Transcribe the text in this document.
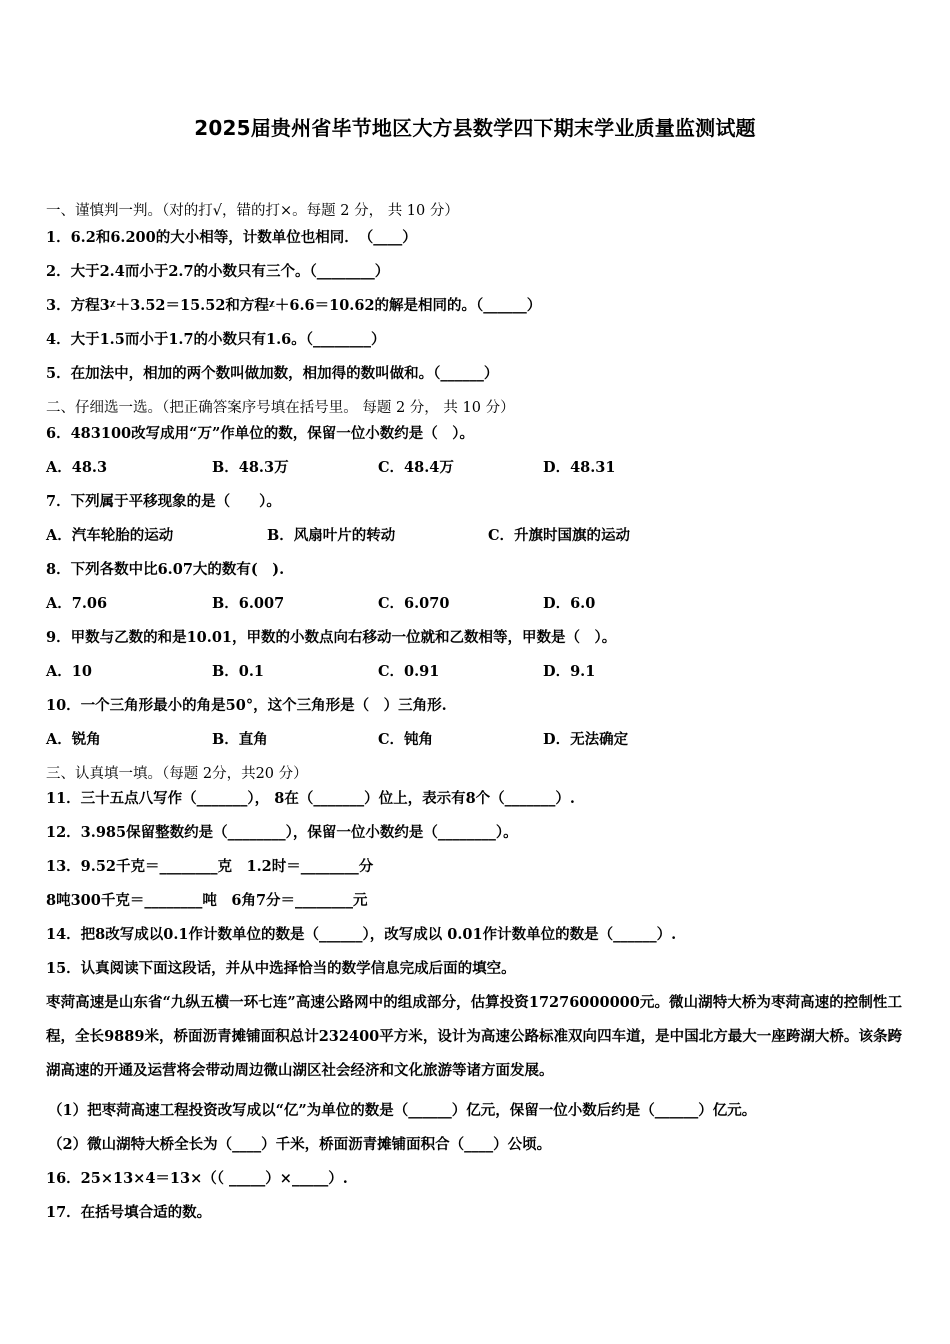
2025届贵州省毕节地区大方县数学四下期末学业质量监测试题
一、谨慎判一判。（对的打√，错的打×。每题 2 分， 共 10 分）
1．6.2和6.200的大小相等，计数单位也相同．　（____）
2．大于2.4而小于2.7的小数只有三个。（________）
3．方程3ᵡ＋3.52＝15.52和方程ᵡ＋6.6＝10.62的解是相同的。（______）
4．大于1.5而小于1.7的小数只有1.6。（________）
5．在加法中，相加的两个数叫做加数，相加得的数叫做和。（______）
二、仔细选一选。（把正确答案序号填在括号里。 每题 2 分， 共 10 分）
6．483100改写成用“万”作单位的数，保留一位小数约是（　）。
A．48.3	B．48.3万	C．48.4万	D．48.31
7．下列属于平移现象的是（　　）。
A．汽车轮胎的运动	B．风扇叶片的转动	C．升旗时国旗的运动
8．下列各数中比6.07大的数有(　).
A．7.06	B．6.007	C．6.070	D．6.0
9．甲数与乙数的和是10.01，甲数的小数点向右移动一位就和乙数相等，甲数是（　）。
A．10	B．0.1	C．0.91	D．9.1
10．一个三角形最小的角是50°，这个三角形是（　）三角形.
A．锐角	B．直角	C．钝角	D．无法确定
三、认真填一填。（每题 2分，共20 分）
11．三十五点八写作（_______）， 8在（_______）位上，表示有8个（_______）.
12．3.985保留整数约是（________），保留一位小数约是（________）。
13．9.52千克＝________克　1.2时＝________分
8吨300千克＝________吨　6角7分＝________元
14．把8改写成以0.1作计数单位的数是（______），改写成以 0.01作计数单位的数是（______）.
15．认真阅读下面这段话，并从中选择恰当的数学信息完成后面的填空。
枣菏高速是山东省“九纵五横一环七连”高速公路网中的组成部分，估算投资17276000000元。微山湖特大桥为枣菏高速的控制性工程，全长9889米，桥面沥青摊铺面积总计232400平方米，设计为高速公路标准双向四车道，是中国北方最大一座跨湖大桥。该条跨湖高速的开通及运营将会带动周边微山湖区社会经济和文化旅游等诸方面发展。
（1）把枣菏高速工程投资改写成以“亿”为单位的数是（______）亿元，保留一位小数后约是（______）亿元。
（2）微山湖特大桥全长为（____）千米，桥面沥青摊铺面积合（____）公顷。
16．25×13×4＝13×（（ _____）×_____）.
17．在括号填合适的数。
